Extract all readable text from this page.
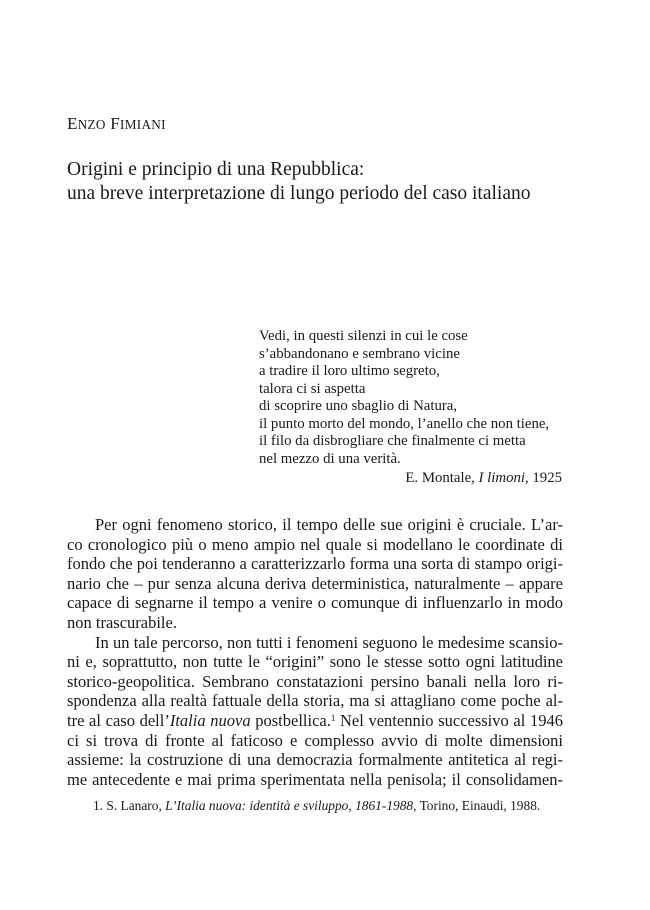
ENZO FIMIANI
Origini e principio di una Repubblica:
una breve interpretazione di lungo periodo del caso italiano
Vedi, in questi silenzi in cui le cose
s’abbandonano e sembrano vicine
a tradire il loro ultimo segreto,
talora ci si aspetta
di scoprire uno sbaglio di Natura,
il punto morto del mondo, l’anello che non tiene,
il filo da disbrogliare che finalmente ci metta
nel mezzo di una verità.
E. Montale, I limoni, 1925
Per ogni fenomeno storico, il tempo delle sue origini è cruciale. L’ar-
co cronologico più o meno ampio nel quale si modellano le coordinate di
fondo che poi tenderanno a caratterizzarlo forma una sorta di stampo origi-
nario che – pur senza alcuna deriva deterministica, naturalmente – appare
capace di segnarne il tempo a venire o comunque di influenzarlo in modo
non trascurabile.
In un tale percorso, non tutti i fenomeni seguono le medesime scansio-
ni e, soprattutto, non tutte le “origini” sono le stesse sotto ogni latitudine
storico-geopolitica. Sembrano constatazioni persino banali nella loro ri-
spondenza alla realtà fattuale della storia, ma si attagliano come poche al-
tre al caso dell’Italia nuova postbellica.$^1$ Nel ventennio successivo al 1946
ci si trova di fronte al faticoso e complesso avvio di molte dimensioni
assieme: la costruzione di una democrazia formalmente antitetica al regi-
me antecedente e mai prima sperimentata nella penisola; il consolidamen-
1. S. Lanaro, L’Italia nuova: identità e sviluppo, 1861-1988, Torino, Einaudi, 1988.
